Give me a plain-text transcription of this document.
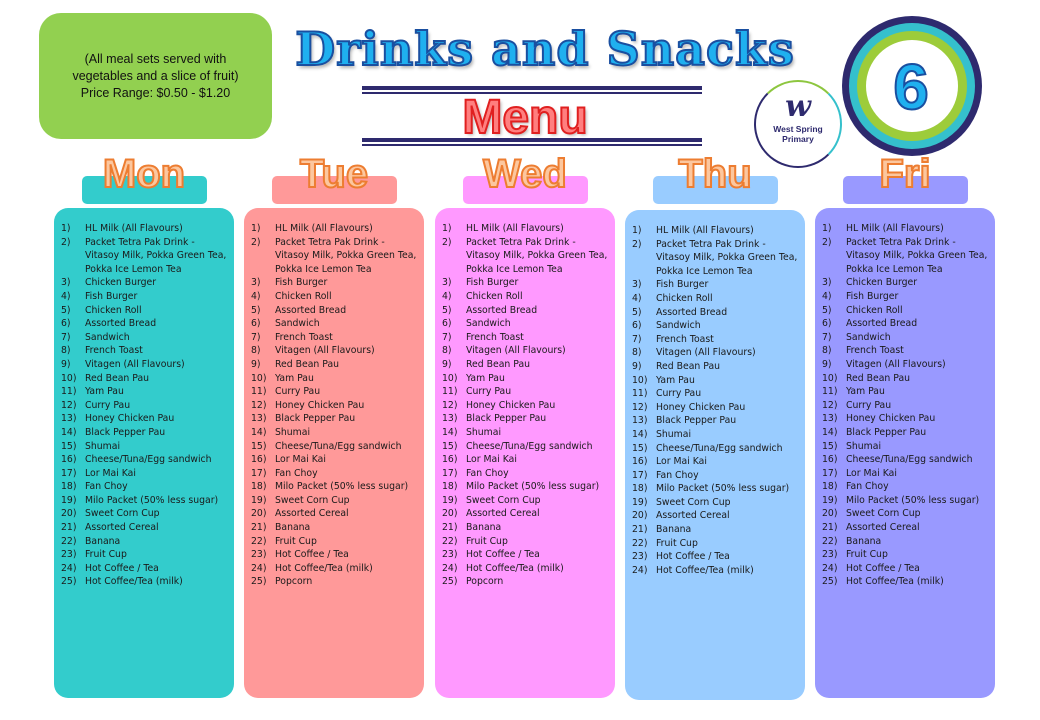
(All meal sets served with
vegetables and a slice of fruit)
Price Range: $0.50 - $1.20
Drinks and Snacks
Menu	6
w
West Spring
Primary
Mon
1)	HL Milk (All Flavours)
2)	Packet Tetra Pak Drink - Vitasoy Milk, Pokka Green Tea, Pokka Ice Lemon Tea
3)	Chicken Burger
4)	Fish Burger
5)	Chicken Roll
6)	Assorted Bread
7)	Sandwich
8)	French Toast
9)	Vitagen (All Flavours)
10) Red Bean Pau
11) Yam Pau
12) Curry Pau
13) Honey Chicken Pau
14) Black Pepper Pau
15) Shumai
16) Cheese/Tuna/Egg sandwich
17) Lor Mai Kai
18) Fan Choy
19) Milo Packet (50% less sugar)
20) Sweet Corn Cup
21) Assorted Cereal
22) Banana
23) Fruit Cup
24) Hot Coffee / Tea
25) Hot Coffee/Tea (milk)
Tue
1)	HL Milk (All Flavours)
2)	Packet Tetra Pak Drink - Vitasoy Milk, Pokka Green Tea, Pokka Ice Lemon Tea
3)	Fish Burger
4)	Chicken Roll
5)	Assorted Bread
6)	Sandwich
7)	French Toast
8)	Vitagen (All Flavours)
9)	Red Bean Pau
10) Yam Pau
11) Curry Pau
12) Honey Chicken Pau
13) Black Pepper Pau
14) Shumai
15) Cheese/Tuna/Egg sandwich
16) Lor Mai Kai
17) Fan Choy
18) Milo Packet (50% less sugar)
19) Sweet Corn Cup
20) Assorted Cereal
21) Banana
22) Fruit Cup
23) Hot Coffee / Tea
24) Hot Coffee/Tea (milk)
25) Popcorn
Wed
1)	HL Milk (All Flavours)
2)	Packet Tetra Pak Drink - Vitasoy Milk, Pokka Green Tea, Pokka Ice Lemon Tea
3)	Fish Burger
4)	Chicken Roll
5)	Assorted Bread
6)	Sandwich
7)	French Toast
8)	Vitagen (All Flavours)
9)	Red Bean Pau
10) Yam Pau
11) Curry Pau
12) Honey Chicken Pau
13) Black Pepper Pau
14) Shumai
15) Cheese/Tuna/Egg sandwich
16) Lor Mai Kai
17) Fan Choy
18) Milo Packet (50% less sugar)
19) Sweet Corn Cup
20) Assorted Cereal
21) Banana
22) Fruit Cup
23) Hot Coffee / Tea
24) Hot Coffee/Tea (milk)
25) Popcorn
Thu
1)	HL Milk (All Flavours)
2)	Packet Tetra Pak Drink - Vitasoy Milk, Pokka Green Tea, Pokka Ice Lemon Tea
3)	Fish Burger
4)	Chicken Roll
5)	Assorted Bread
6)	Sandwich
7)	French Toast
8)	Vitagen (All Flavours)
9)	Red Bean Pau
10) Yam Pau
11) Curry Pau
12) Honey Chicken Pau
13) Black Pepper Pau
14) Shumai
15) Cheese/Tuna/Egg sandwich
16) Lor Mai Kai
17) Fan Choy
18) Milo Packet (50% less sugar)
19) Sweet Corn Cup
20) Assorted Cereal
21) Banana
22) Fruit Cup
23) Hot Coffee / Tea
24) Hot Coffee/Tea (milk)
Fri
1)	HL Milk (All Flavours)
2)	Packet Tetra Pak Drink - Vitasoy Milk, Pokka Green Tea, Pokka Ice Lemon Tea
3)	Chicken Burger
4)	Fish Burger
5)	Chicken Roll
6)	Assorted Bread
7)	Sandwich
8)	French Toast
9)	Vitagen (All Flavours)
10) Red Bean Pau
11) Yam Pau
12) Curry Pau
13) Honey Chicken Pau
14) Black Pepper Pau
15) Shumai
16) Cheese/Tuna/Egg sandwich
17) Lor Mai Kai
18) Fan Choy
19) Milo Packet (50% less sugar)
20) Sweet Corn Cup
21) Assorted Cereal
22) Banana
23) Fruit Cup
24) Hot Coffee / Tea
25) Hot Coffee/Tea (milk)
